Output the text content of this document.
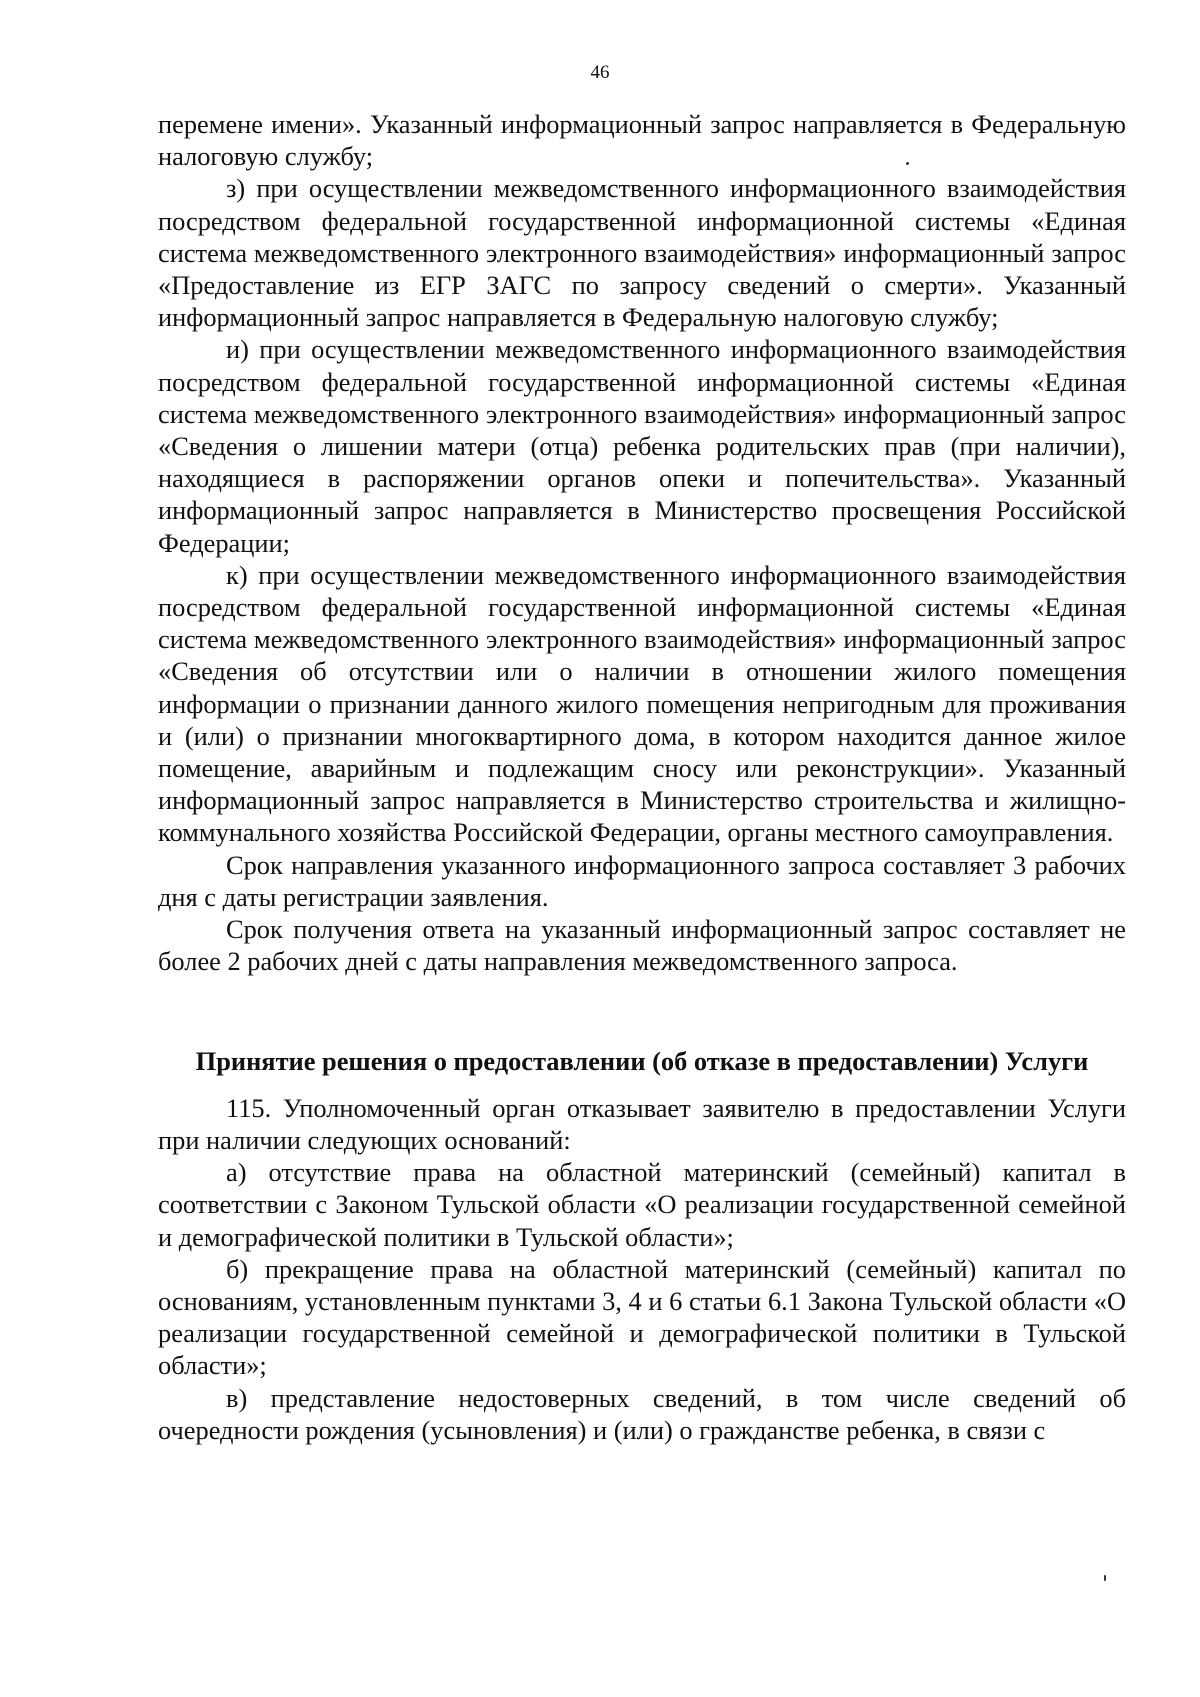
46

перемене имени». Указанный информационный запрос направляется в Федеральную налоговую службу;

з) при осуществлении межведомственного информационного взаимодействия посредством федеральной государственной информационной системы «Единая система межведомственного электронного взаимодействия» информационный запрос «Предоставление из ЕГР ЗАГС по запросу сведений о смерти». Указанный информационный запрос направляется в Федеральную налоговую службу;

и) при осуществлении межведомственного информационного взаимодействия посредством федеральной государственной информационной системы «Единая система межведомственного электронного взаимодействия» информационный запрос «Сведения о лишении матери (отца) ребенка родительских прав (при наличии), находящиеся в распоряжении органов опеки и попечительства». Указанный информационный запрос направляется в Министерство просвещения Российской Федерации;

к) при осуществлении межведомственного информационного взаимодействия посредством федеральной государственной информационной системы «Единая система межведомственного электронного взаимодействия» информационный запрос «Сведения об отсутствии или о наличии в отношении жилого помещения информации о признании данного жилого помещения непригодным для проживания и (или) о признании многоквартирного дома, в котором находится данное жилое помещение, аварийным и подлежащим сносу или реконструкции». Указанный информационный запрос направляется в Министерство строительства и жилищно-коммунального хозяйства Российской Федерации, органы местного самоуправления.

Срок направления указанного информационного запроса составляет 3 рабочих дня с даты регистрации заявления.

Срок получения ответа на указанный информационный запрос составляет не более 2 рабочих дней с даты направления межведомственного запроса.

Принятие решения о предоставлении (об отказе в предоставлении) Услуги

115. Уполномоченный орган отказывает заявителю в предоставлении Услуги при наличии следующих оснований:

а) отсутствие права на областной материнский (семейный) капитал в соответствии с Законом Тульской области «О реализации государственной семейной и демографической политики в Тульской области»;

б) прекращение права на областной материнский (семейный) капитал по основаниям, установленным пунктами 3, 4 и 6 статьи 6.1 Закона Тульской области «О реализации государственной семейной и демографической политики в Тульской области»;

в) представление недостоверных сведений, в том числе сведений об очередности рождения (усыновления) и (или) о гражданстве ребенка, в связи с
